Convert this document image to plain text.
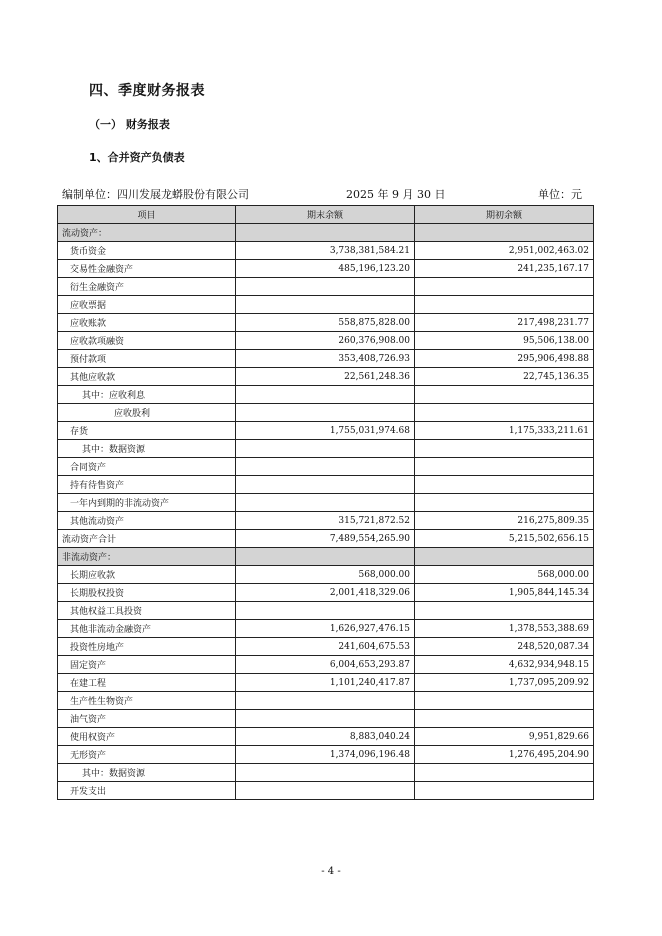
四、季度财务报表
（一） 财务报表
1、合并资产负债表
编制单位：四川发展龙蟒股份有限公司	2025 年 9 月 30 日	单位：元
项目	期末余额	期初余额
流动资产：		
货币资金	3,738,381,584.21	2,951,002,463.02
交易性金融资产	485,196,123.20	241,235,167.17
衍生金融资产		
应收票据		
应收账款	558,875,828.00	217,498,231.77
应收款项融资	260,376,908.00	95,506,138.00
预付款项	353,408,726.93	295,906,498.88
其他应收款	22,561,248.36	22,745,136.35
其中：应收利息		
应收股利		
存货	1,755,031,974.68	1,175,333,211.61
其中：数据资源		
合同资产		
持有待售资产		
一年内到期的非流动资产		
其他流动资产	315,721,872.52	216,275,809.35
流动资产合计	7,489,554,265.90	5,215,502,656.15
非流动资产：		
长期应收款	568,000.00	568,000.00
长期股权投资	2,001,418,329.06	1,905,844,145.34
其他权益工具投资		
其他非流动金融资产	1,626,927,476.15	1,378,553,388.69
投资性房地产	241,604,675.53	248,520,087.34
固定资产	6,004,653,293.87	4,632,934,948.15
在建工程	1,101,240,417.87	1,737,095,209.92
生产性生物资产		
油气资产		
使用权资产	8,883,040.24	9,951,829.66
无形资产	1,374,096,196.48	1,276,495,204.90
其中：数据资源		
开发支出		
- 4 -
